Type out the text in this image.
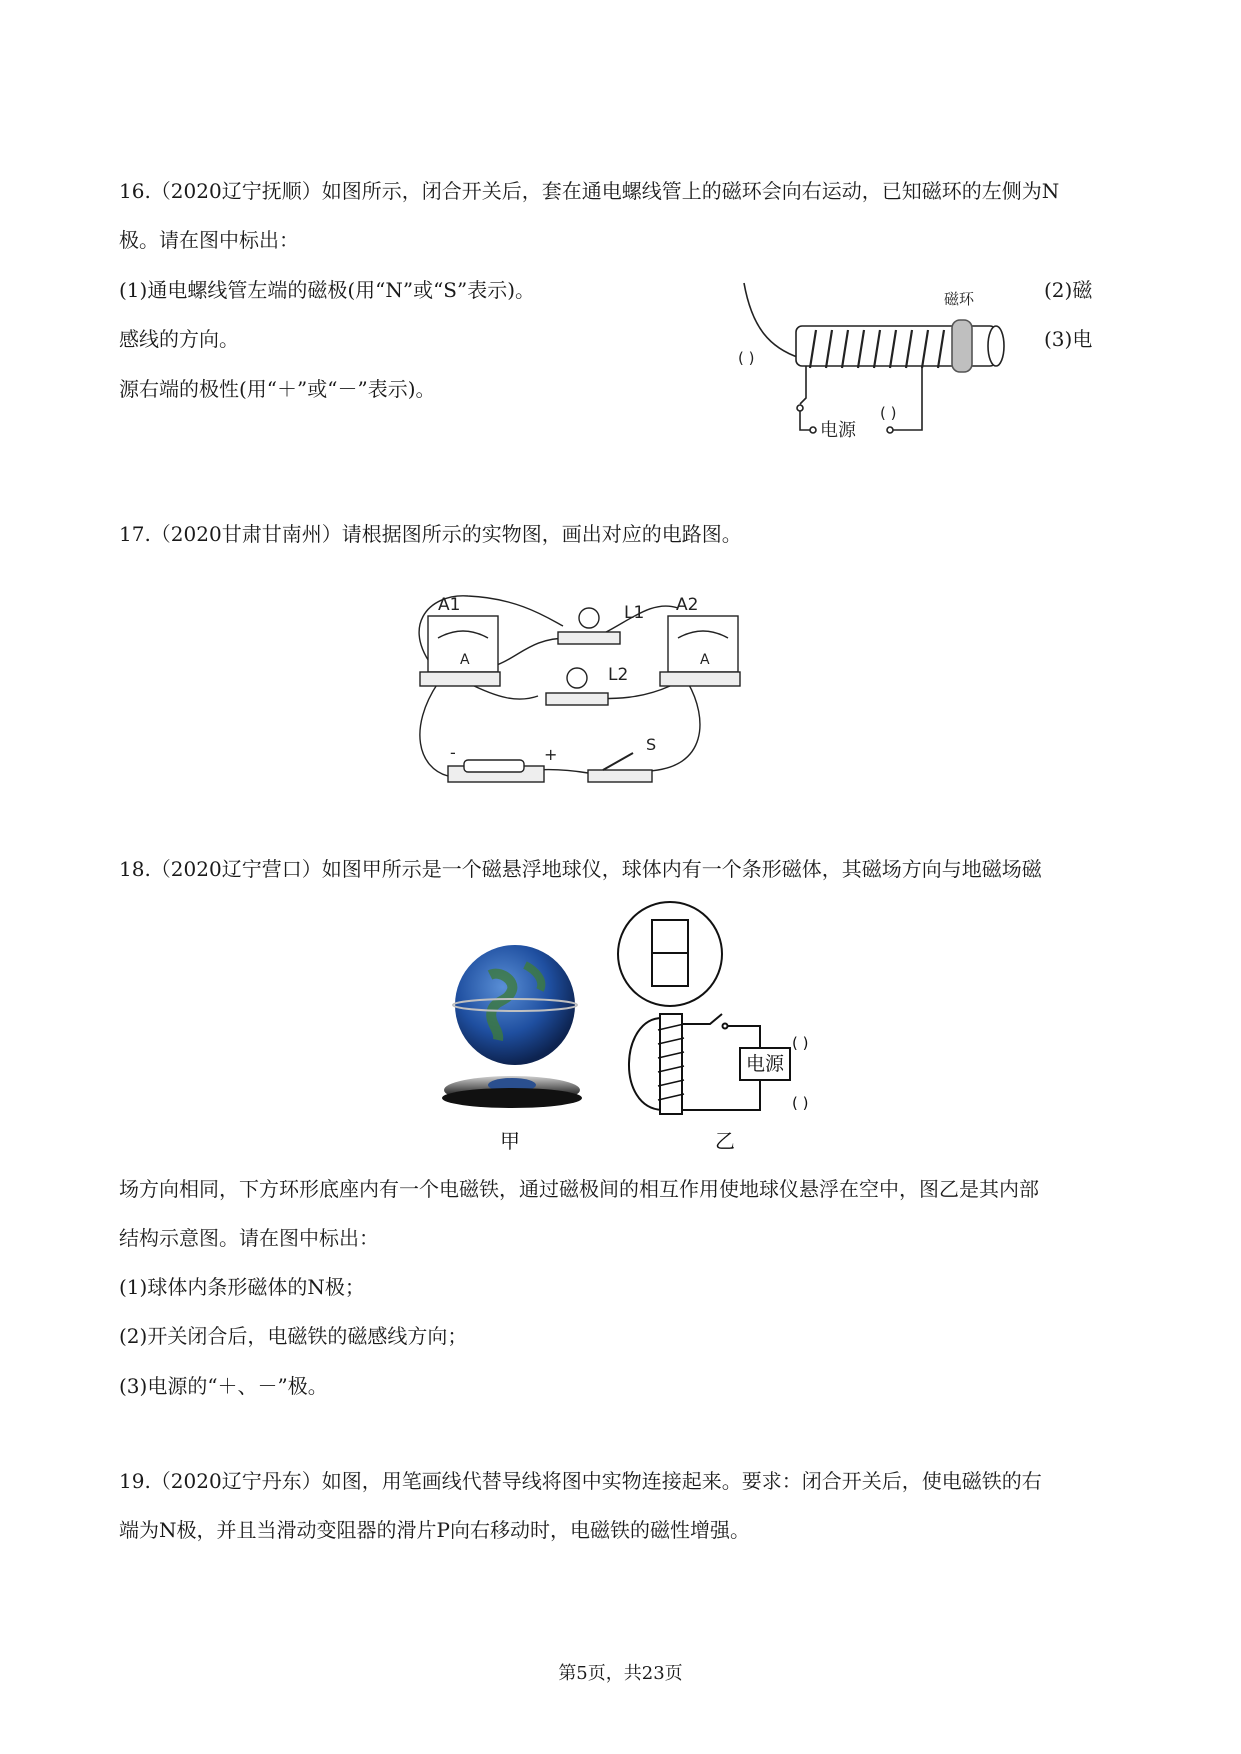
16.（2020辽宁抚顺）如图所示，闭合开关后，套在通电螺线管上的磁环会向右运动，已知磁环的左侧为N
极。请在图中标出：
(1)通电螺线管左端的磁极(用“N”或“S”表示)。	(2)磁
感线的方向。	(3)电
源右端的极性(用“＋”或“－”表示)。
磁环
( )
( )
电源
17.（2020甘肃甘南州）请根据图所示的实物图，画出对应的电路图。
A1
A
A2
A
L1
L2
S
-	+
18.（2020辽宁营口）如图甲所示是一个磁悬浮地球仪，球体内有一个条形磁体，其磁场方向与地磁场磁
甲
电源
( )
( )
乙
场方向相同，下方环形底座内有一个电磁铁，通过磁极间的相互作用使地球仪悬浮在空中，图乙是其内部
结构示意图。请在图中标出：
(1)球体内条形磁体的N极；
(2)开关闭合后，电磁铁的磁感线方向；
(3)电源的“＋、－”极。
19.（2020辽宁丹东）如图，用笔画线代替导线将图中实物连接起来。要求：闭合开关后，使电磁铁的右
端为N极，并且当滑动变阻器的滑片P向右移动时，电磁铁的磁性增强。
第5页，共23页
